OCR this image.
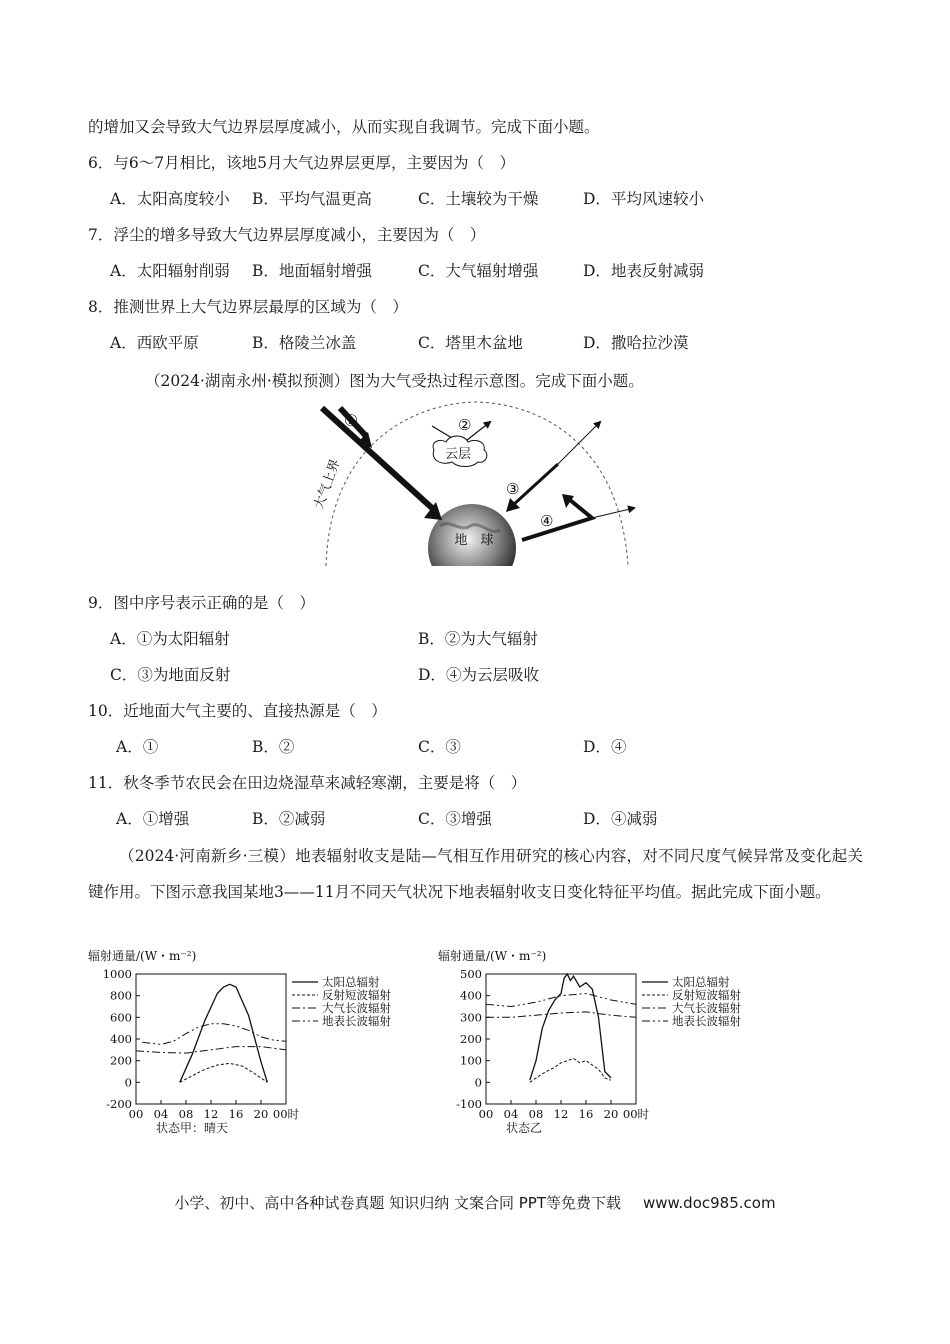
的增加又会导致大气边界层厚度减小，从而实现自我调节。完成下面小题。
6．与6～7月相比，该地5月大气边界层更厚，主要因为（　）
A．太阳高度较小 B．平均气温更高	C．土壤较为干燥	D．平均风速较小
7．浮尘的增多导致大气边界层厚度减小，主要因为（　）
A．太阳辐射削弱 B．地面辐射增强	C．大气辐射增强	D．地表反射减弱
8．推测世界上大气边界层最厚的区域为（　）
A．西欧平原	B．格陵兰冰盖	C．塔里木盆地	D．撒哈拉沙漠
（2024·湖南永州·模拟预测）图为大气受热过程示意图。完成下面小题。
地　球
①	②
云层
大气上界	③
④
9．图中序号表示正确的是（　）
A．①为太阳辐射	B．②为大气辐射
C．③为地面反射	D．④为云层吸收
10．近地面大气主要的、直接热源是（　）
A．①	B．②	C．③	D．④
11．秋冬季节农民会在田边烧湿草来减轻寒潮，主要是将（　）
A．①增强	B．②减弱	C．③增强	D．④减弱
（2024·河南新乡·三模）地表辐射收支是陆—气相互作用研究的核心内容，对不同尺度气候异常及变化起关键作用。下图示意我国某地3——11月不同天气状况下地表辐射收支日变化特征平均值。据此完成下面小题。
辐射通量/(W・m⁻²)
1000
800
600
400
200
0
-200
00 04 08 12 16 20 00时
状态甲：晴天
太阳总辐射
反射短波辐射
大气长波辐射
地表长波辐射
辐射通量/(W・m⁻²)
500
400
300
200
100
0
-100
00 04 08 12 16 20 00时
状态乙
太阳总辐射
反射短波辐射
大气长波辐射
地表长波辐射
小学、初中、高中各种试卷真题 知识归纳 文案合同 PPT等免费下载 www.doc985.com
